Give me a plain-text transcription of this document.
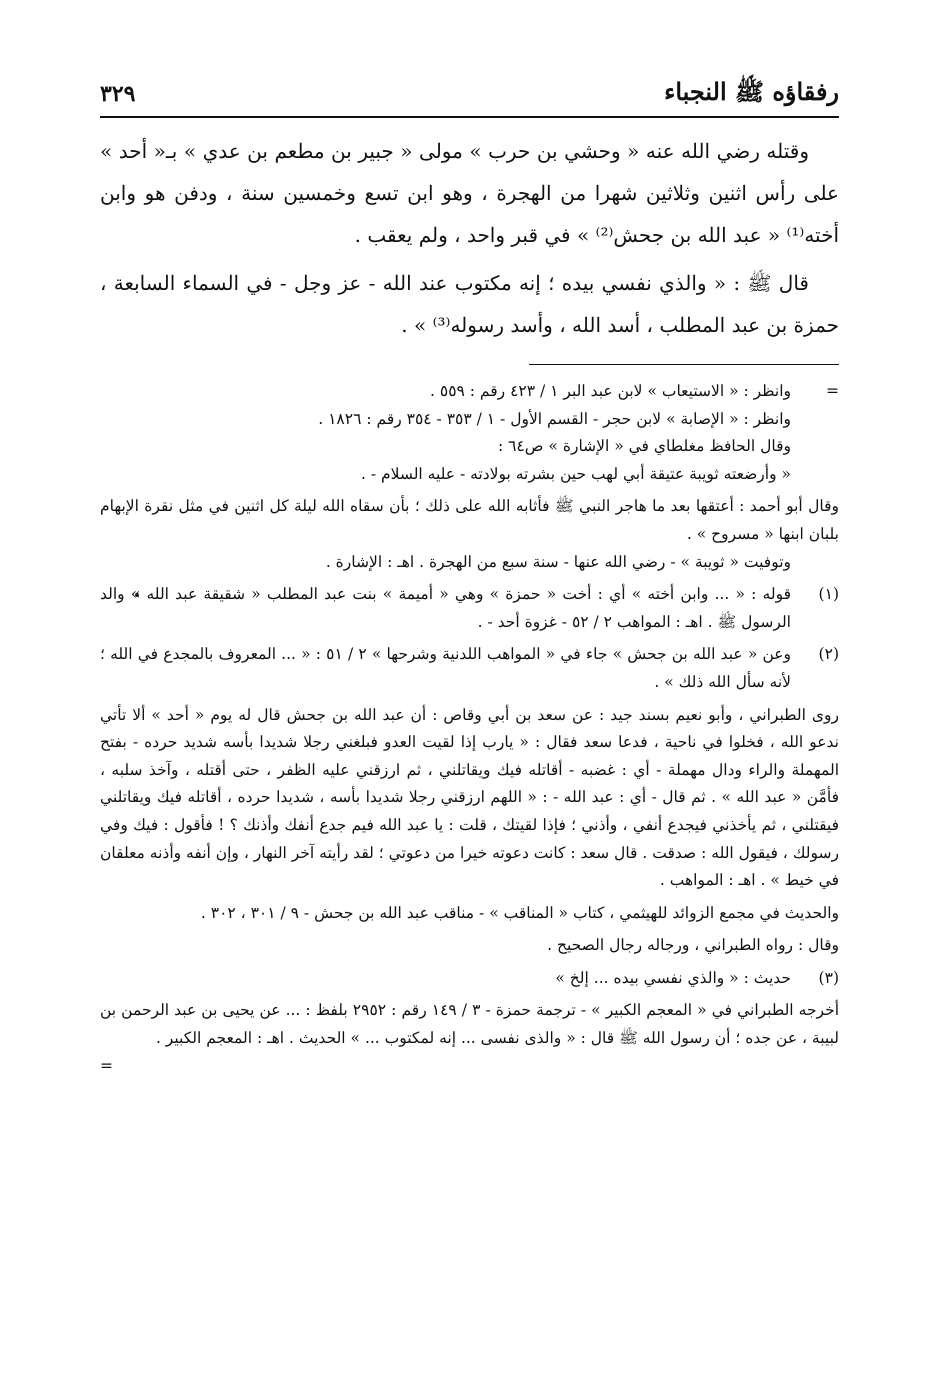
رفقاؤه ﷺ النجباء
٣٢٩

وقتله رضي الله عنه « وحشي بن حرب » مولى « جبير بن مطعم بن عدي » بـ« أحد » على رأس اثنين وثلاثين شهرا من الهجرة ، وهو ابن تسع وخمسين سنة ، ودفن هو وابن أخته⁽¹⁾ « عبد الله بن جحش⁽²⁾ » في قبر واحد ، ولم يعقب .

قال ﷺ : « والذي نفسي بيده ؛ إنه مكتوب عند الله - عز وجل - في السماء السابعة ، حمزة بن عبد المطلب ، أسد الله ، وأسد رسوله⁽³⁾ » .

=

وانظر : « الاستيعاب » لابن عبد البر ١ / ٤٢٣ رقم : ٥٥٩ .

وانظر : « الإصابة » لابن حجر - القسم الأول - ١ / ٣٥٣ - ٣٥٤ رقم : ١٨٢٦ .

وقال الحافظ مغلطاي في « الإشارة » ص٦٤ :

« وأرضعته ثويبة عتيقة أبي لهب حين بشرته بولادته - عليه السلام - .

وقال أبو أحمد : أعتقها بعد ما هاجر النبي ﷺ فأثابه الله على ذلك ؛ بأن سقاه الله ليلة كل اثنين في مثل نقرة الإبهام بلبان ابنها « مسروح » .

وتوفيت « ثويبة » - رضي الله عنها - سنة سبع من الهجرة . اهـ : الإشارة .

(١)

قوله : « ... وابن أخته » أي : أخت « حمزة » وهي « أميمة » بنت عبد المطلب « شقيقة عبد الله » والد الرسول ﷺ . اهـ : المواهب ٢ / ٥٢ - غزوة أحد - .

(٢)

وعن « عبد الله بن جحش » جاء في « المواهب اللدنية وشرحها » ٢ / ٥١ : « ... المعروف بالمجدع في الله ؛ لأنه سأل الله ذلك » .

روى الطبراني ، وأبو نعيم بسند جيد : عن سعد بن أبي وقاص : أن عبد الله بن جحش قال له يوم « أحد » ألا تأتي ندعو الله ، فخلوا في ناحية ، فدعا سعد فقال : « يارب إذا لقيت العدو فبلغني رجلا شديدا بأسه شديد حرده - بفتح المهملة والراء ودال مهملة - أي : غضبه - أقاتله فيك ويقاتلني ، ثم ارزقني عليه الظفر ، حتى أقتله ، وآخذ سلبه ، فأمَّن « عبد الله » . ثم قال - أي : عبد الله - : « اللهم ارزقني رجلا شديدا بأسه ، شديدا حرده ، أقاتله فيك ويقاتلني فيقتلني ، ثم يأخذني فيجدع أنفي ، وأذني ؛ فإذا لقيتك ، قلت : يا عبد الله فيم جدع أنفك وأذنك ؟ ! فأقول : فيك وفي رسولك ، فيقول الله : صدقت . قال سعد : كانت دعوته خيرا من دعوتي ؛ لقد رأيته آخر النهار ، وإن أنفه وأذنه معلقان في خيط » . اهـ : المواهب .

والحديث في مجمع الزوائد للهيثمي ، كتاب « المناقب » - مناقب عبد الله بن جحش - ٩ / ٣٠١ ، ٣٠٢ .

وقال : رواه الطبراني ، ورجاله رجال الصحيح .

(٣)

حديث : « والذي نفسي بيده ... إلخ »

أخرجه الطبراني في « المعجم الكبير » - ترجمة حمزة - ٣ / ١٤٩ رقم : ٢٩٥٢ بلفظ : ... عن يحيى بن عبد الرحمن بن لبيبة ، عن جده ؛ أن رسول الله ﷺ قال : « والذى نفسى ... إنه لمكتوب ... » الحديث . اهـ : المعجم الكبير .

=
